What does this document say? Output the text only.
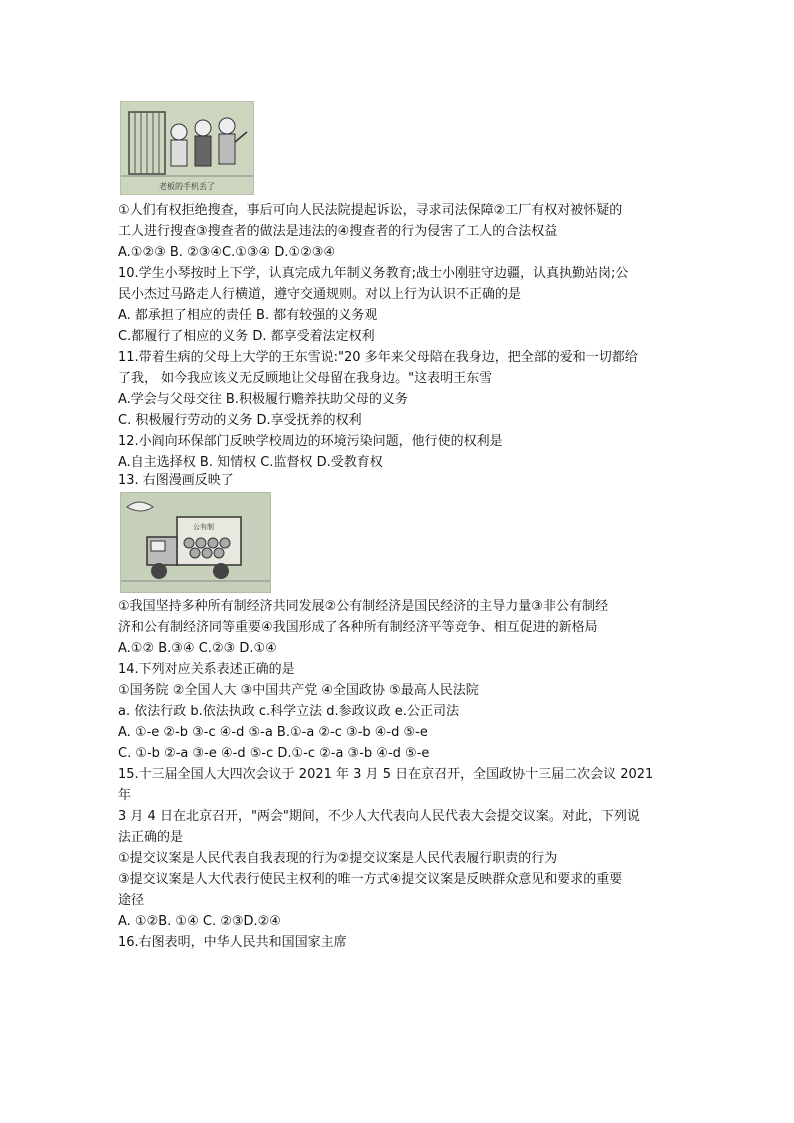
老板的手机丢了
公有制
①人们有权拒绝搜查，事后可向人民法院提起诉讼，寻求司法保障②工厂有权对被怀疑的
工人进行搜查③搜查者的做法是违法的④搜查者的行为侵害了工人的合法权益
A.①②③ B. ②③④C.①③④ D.①②③④
10.学生小琴按时上下学，认真完成九年制义务教育;战士小刚驻守边疆，认真执勤站岗;公
民小杰过马路走人行横道，遵守交通规则。对以上行为认识不正确的是
A. 都承担了相应的责任 B. 都有较强的义务观
C.都履行了相应的义务 D. 都享受着法定权利
11.带着生病的父母上大学的王东雪说:"20 多年来父母陪在我身边，把全部的爱和一切都给
了我， 如今我应该义无反顾地让父母留在我身边。"这表明王东雪
A.学会与父母交往 B.积极履行赡养扶助父母的义务
C. 积极履行劳动的义务 D.享受抚养的权利
12.小阎向环保部门反映学校周边的环境污染问题，他行使的权利是
A.自主选择权 B. 知情权 C.监督权 D.受教育权
13. 右图漫画反映了
①我国坚持多种所有制经济共同发展②公有制经济是国民经济的主导力量③非公有制经
济和公有制经济同等重要④我国形成了各种所有制经济平等竞争、相互促进的新格局
A.①② B.③④ C.②③ D.①④
14.下列对应关系表述正确的是
①国务院 ②全国人大 ③中国共产党 ④全国政协 ⑤最高人民法院
a. 依法行政 b.依法执政 c.科学立法 d.参政议政 e.公正司法
A. ①-e ②-b ③-c ④-d ⑤-a B.①-a ②-c ③-b ④-d ⑤-e
C. ①-b ②-a ③-e ④-d ⑤-c D.①-c ②-a ③-b ④-d ⑤-e
15.十三届全国人大四次会议于 2021 年 3 月 5 日在京召开，全国政协十三届二次会议 2021
年
3 月 4 日在北京召开，"两会"期间，不少人大代表向人民代表大会提交议案。对此，下列说
法正确的是
①提交议案是人民代表自我表现的行为②提交议案是人民代表履行职责的行为
③提交议案是人大代表行使民主权利的唯一方式④提交议案是反映群众意见和要求的重要
途径
A. ①②B. ①④ C. ②③D.②④
16.右图表明，中华人民共和国国家主席
